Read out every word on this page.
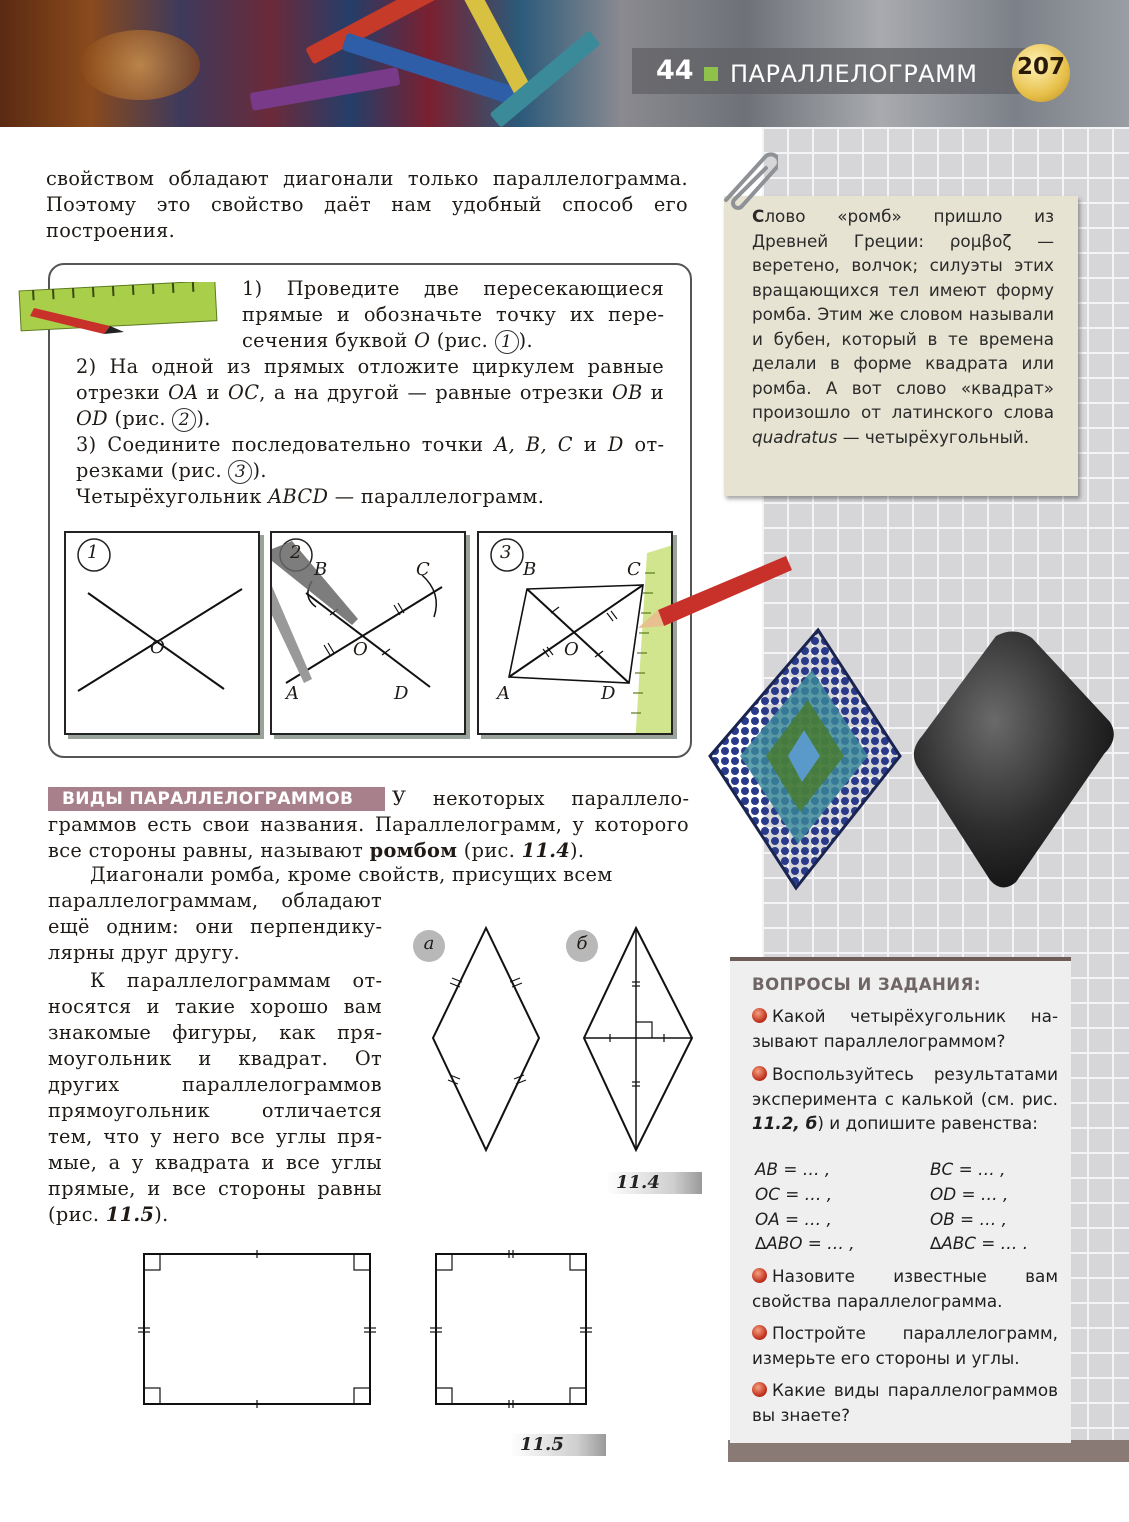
44 ПАРАЛЛЕЛОГРАММ 207
свойством обладают диагонали только параллелограмма. Поэтому это свойство даёт нам удобный способ его построения.
Слово «ромб» пришло из Древней Греции: ρομβοζ — веретено, волчок; силуэты этих вращающихся тел имеют форму ромба. Этим же словом называли и бубен, который в те времена делали в форме квадрата или ромба. А вот слово «квадрат» произошло от латинского слова quadratus — четырёхугольный.
1) Проведите две пересекающиеся прямые и обозначьте точку их пересечения буквой O (рис. 1 ).
2) На одной из прямых отложите циркулем равные отрезки OA и OC, а на другой — равные отрезки OB и OD (рис. 2 ).
3) Соедините последовательно точки A, B, C и D отрезками (рис. 3 ).
Четырёхугольник ABCD — параллелограмм.
1
O
2
B	C
O
A	D
3
B	C
O
A	D
ВИДЫ ПАРАЛЛЕЛОГРАММОВ	У некоторых параллелограммов есть свои названия. Параллелограмм, у которого все стороны равны, называют ромбом (рис. 11.4).
Диагонали ромба, кроме свойств, присущих всем
параллелограммам, обладают ещё одним: они перпендикулярны друг другу.
К параллелограммам относятся и такие хорошо вам знакомые фигуры, как прямоугольник и квадрат. От других параллелограммов прямоугольник отличается тем, что у него все углы прямые, а у квадрата и все углы прямые, и все стороны равны (рис. 11.5).
а	б
11.4
11.5
ВОПРОСЫ И ЗАДАНИЯ:
Какой четырёхугольник называют параллелограммом?
Воспользуйтесь результатами эксперимента с калькой (см. рис. 11.2, б) и допишите равенства:
AB = … ,	BC = … ,
OC = … ,	OD = … ,
OA = … ,	OB = … ,
∆ABO = … ,	∆ABC = … .
Назовите известные вам свойства параллелограмма.
Постройте параллелограмм, измерьте его стороны и углы.
Какие виды параллелограммов вы знаете?
